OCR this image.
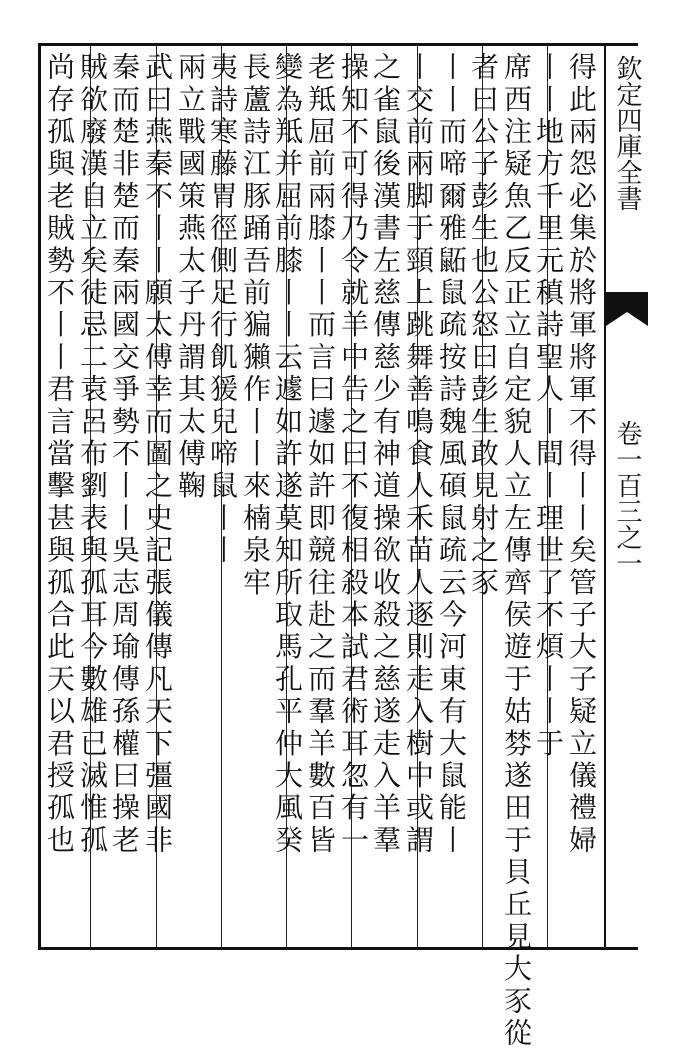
欽定四庫全書
卷一百三之一
得此兩怨必集於將軍將軍不得丨丨矣管子大子疑立儀禮婦
丨丨地方千里元稹詩聖人丨間丨理世了不煩丨丨于
席西注疑魚乙反正立自定貌人立左傳齊侯遊于姑棼遂田于貝丘見大豕從
者曰公子彭生也公怒曰彭生敢見射之豕
丨丨而啼爾雅鼫鼠疏按詩魏風碩鼠疏云今河東有大鼠能丨
丨交前兩脚于頸上跳舞善鳴食人禾苗人逐則走入樹中或謂
之雀鼠後漢書左慈傳慈少有神道操欲收殺之慈遂走入羊羣
操知不可得乃令就羊中告之曰不復相殺本試君術耳忽有一
老羝屈前兩膝丨丨而言曰遽如許即競往赴之而羣羊數百皆
變為羝并屈前膝丨丨云遽如許遂莫知所取馬孔平仲大風癸
長蘆詩江豚踊吾前猵獺作丨丨來楠泉牢
夷詩寒藤胃徑側足行飢猨兒啼鼠丨丨
兩立戰國策燕太子丹謂其太傅鞠
武曰燕秦不丨丨願太傅幸而圖之史記張儀傳凡天下彊國非
秦而楚非楚而秦兩國交爭勢不丨丨吳志周瑜傳孫權曰操老
賊欲廢漢自立矣徒忌二袁呂布劉表與孤耳今數雄已滅惟孤
尚存孤與老賊勢不丨丨君言當擊甚與孤合此天以君授孤也
